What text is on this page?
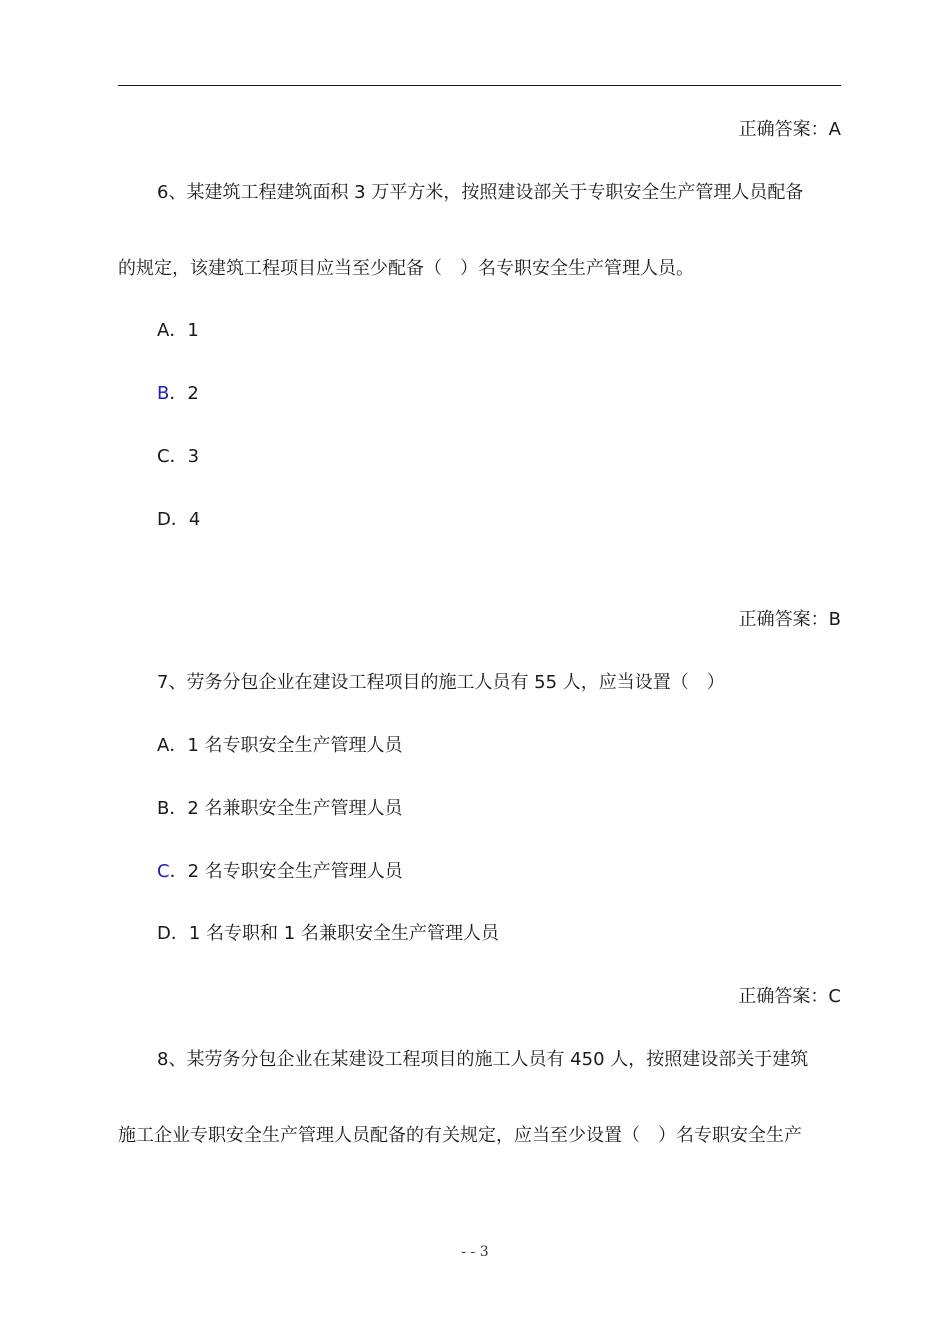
正确答案：A
6、某建筑工程建筑面积 3 万平方米，按照建设部关于专职安全生产管理人员配备
的规定，该建筑工程项目应当至少配备（　）名专职安全生产管理人员。
A．1
B．2
C．3
D．4
正确答案：B
7、劳务分包企业在建设工程项目的施工人员有 55 人，应当设置（　）
A．1 名专职安全生产管理人员
B．2 名兼职安全生产管理人员
C．2 名专职安全生产管理人员
D．1 名专职和 1 名兼职安全生产管理人员
正确答案：C
8、某劳务分包企业在某建设工程项目的施工人员有 450 人，按照建设部关于建筑
施工企业专职安全生产管理人员配备的有关规定，应当至少设置（　）名专职安全生产
- - 3
